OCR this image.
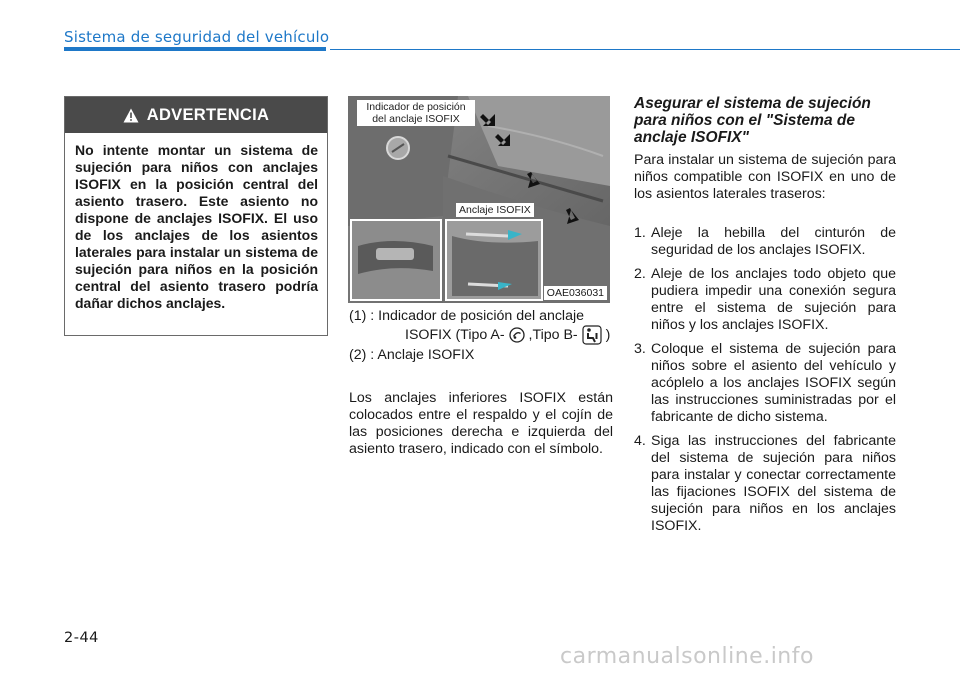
Sistema de seguridad del vehículo
ADVERTENCIA
No intente montar un sistema de sujeción para niños con anclajes ISOFIX en la posición central del asiento trasero. Este asiento no dispone de anclajes ISOFIX. El uso de los anclajes de los asientos laterales para instalar un sistema de sujeción para niños en la posición central del asiento trasero podría dañar dichos anclajes.
Indicador de posición del anclaje ISOFIX
Anclaje ISOFIX
OAE036031
(1) : Indicador de posición del anclaje
ISOFIX (Tipo A- ,Tipo B- )
(2) : Anclaje ISOFIX
Los anclajes inferiores ISOFIX están colocados entre el respaldo y el cojín de las posiciones derecha e izquierda del asiento trasero, indicado con el símbolo.
Asegurar el sistema de sujeción para niños con el "Sistema de anclaje ISOFIX"
Para instalar un sistema de sujeción para niños compatible con ISOFIX en uno de los asientos laterales traseros:
1. Aleje la hebilla del cinturón de seguridad de los anclajes ISOFIX.
2. Aleje de los anclajes todo objeto que pudiera impedir una conexión segura entre el sistema de sujeción para niños y los anclajes ISOFIX.
3. Coloque el sistema de sujeción para niños sobre el asiento del vehículo y acóplelo a los anclajes ISOFIX según las instrucciones suministradas por el fabricante de dicho sistema.
4. Siga las instrucciones del fabricante del sistema de sujeción para niños para instalar y conectar correctamente las fijaciones ISOFIX del sistema de sujeción para niños en los anclajes ISOFIX.
2-44
carmanualsonline.info
